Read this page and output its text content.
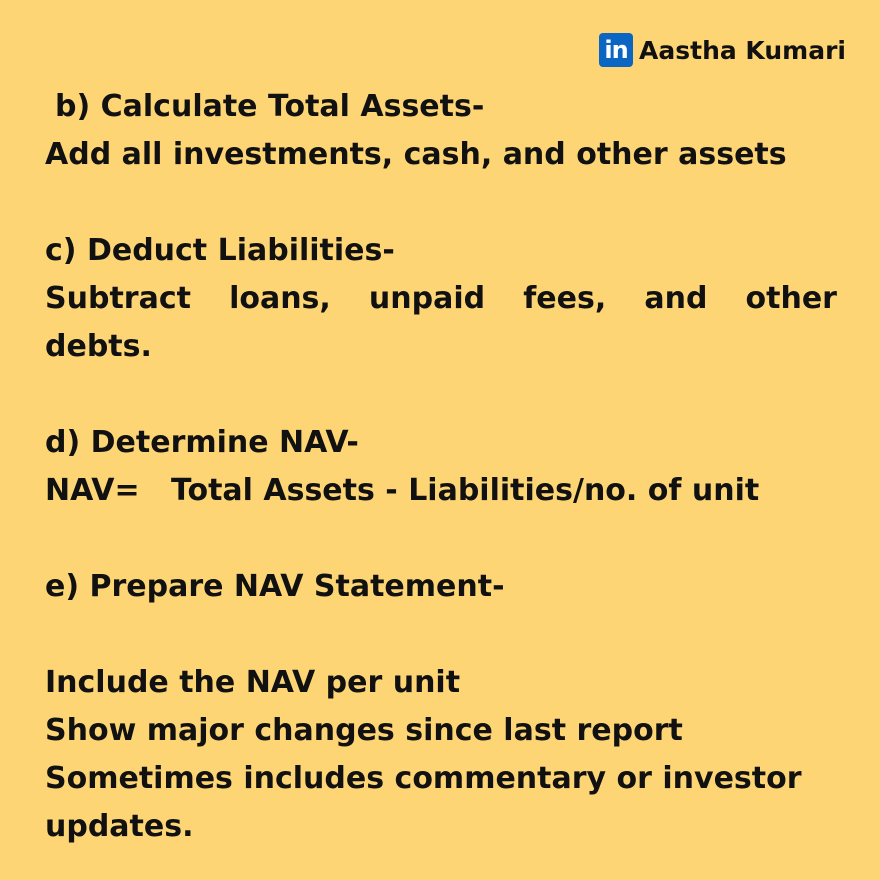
in Aastha Kumari
b) Calculate Total Assets-
Add all investments, cash, and other assets
c) Deduct Liabilities-
Subtract loans, unpaid fees, and other
debts.
d) Determine NAV-
NAV=   Total Assets - Liabilities/no. of unit
e) Prepare NAV Statement-
Include the NAV per unit
Show major changes since last report
Sometimes includes commentary or investor
updates.
